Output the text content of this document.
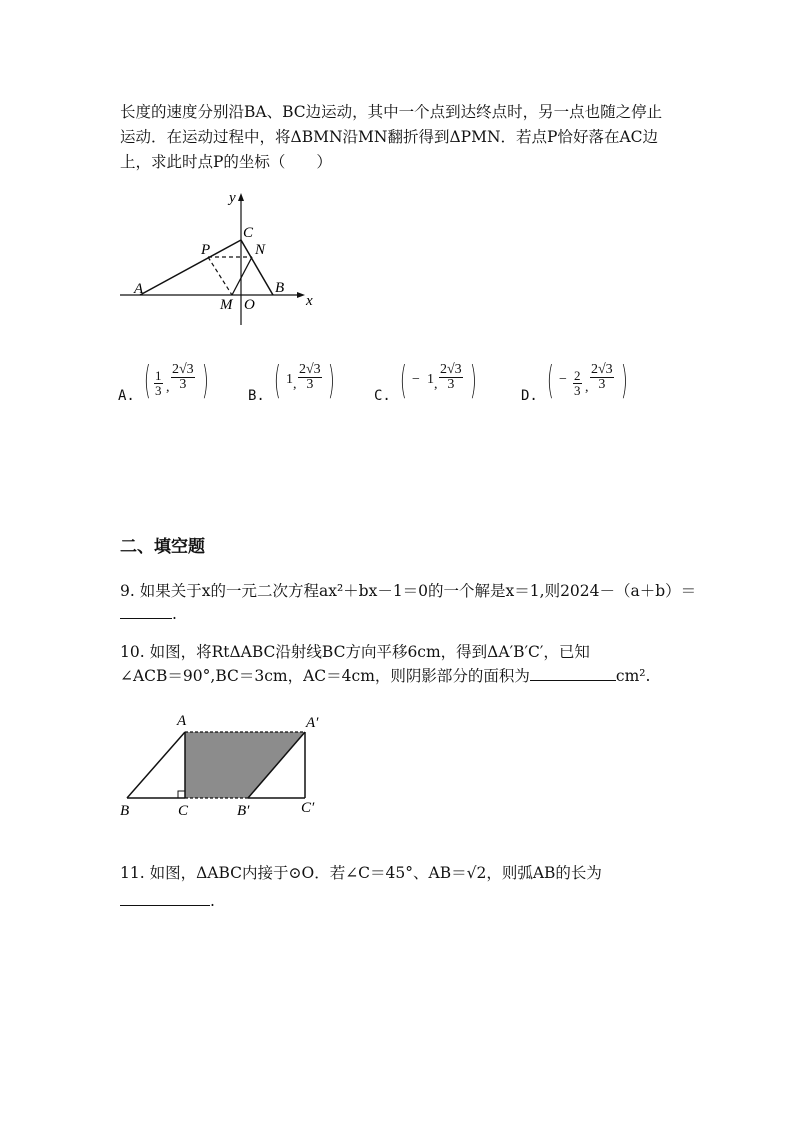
长度的速度分别沿BA、BC边运动，其中一个点到达终点时，另一点也随之停止
运动．在运动过程中，将ΔBMN沿MN翻折得到ΔPMN．若点P恰好落在AC边
上，求此时点P的坐标（　　）
y
x
C
P	N
A
M O
B
A. ( $\frac{1}{3}$ , $\frac{2√3}{3}$ )	B. ( 1 , $\frac{2√3}{3}$ )	C. ( − 1 , $\frac{2√3}{3}$ )	D. ( − $\frac{2}{3}$ , $\frac{2√3}{3}$ )
二、填空题
9. 如果关于x的一元二次方程ax²＋bx－1＝0的一个解是x＝1,则2024－（a＋b）＝
.
10. 如图，将RtΔABC沿射线BC方向平移6cm，得到ΔA′B′C′，已知
∠ACB＝90°,BC＝3cm，AC＝4cm，则阴影部分的面积为	cm².
A	A′
B	C	B′	C′
11. 如图，ΔABC内接于⊙O．若∠C＝45°、AB＝√2，则弧AB的长为
.
